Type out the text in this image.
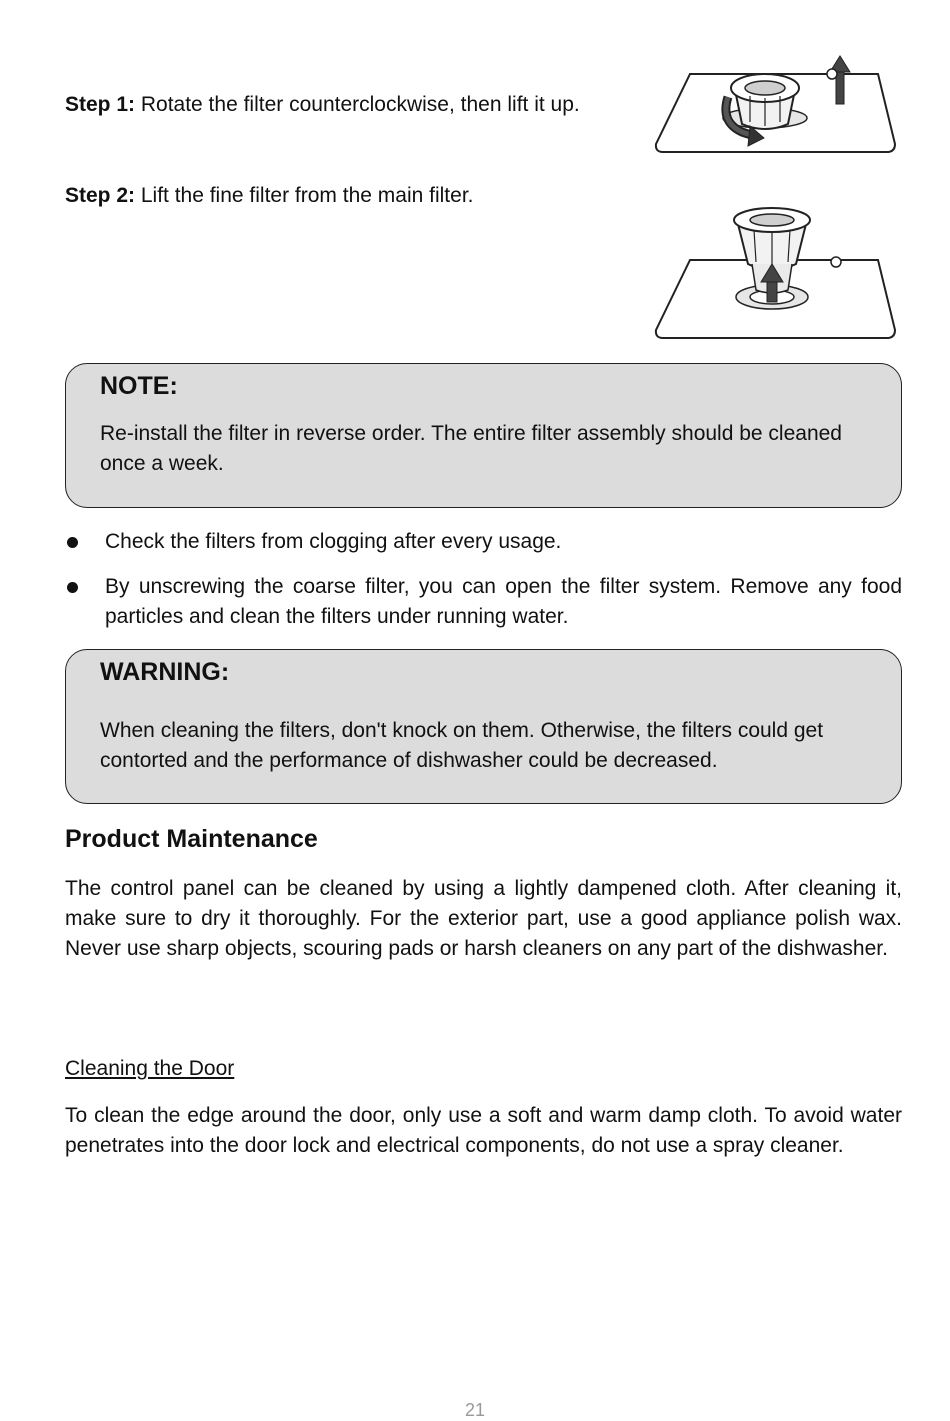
Step 1: Rotate the filter counterclockwise, then lift it up.
Step 2: Lift the fine filter from the main filter.
NOTE:
Re-install the filter in reverse order. The entire filter assembly should be cleaned once a week.
Check the filters from clogging after every usage.
By unscrewing the coarse filter, you can open the filter system. Remove any food particles and clean the filters under running water.
WARNING:
When cleaning the filters, don't knock on them. Otherwise, the filters could get contorted and the performance of dishwasher could be decreased.
Product Maintenance
The control panel can be cleaned by using a lightly dampened cloth. After cleaning it, make sure to dry it thoroughly. For the exterior part, use a good appliance polish wax. Never use sharp objects, scouring pads or harsh cleaners on any part of the dishwasher.
Cleaning the Door
To clean the edge around the door, only use a soft and warm damp cloth. To avoid water penetrates into the door lock and electrical components, do not use a spray cleaner.
21
